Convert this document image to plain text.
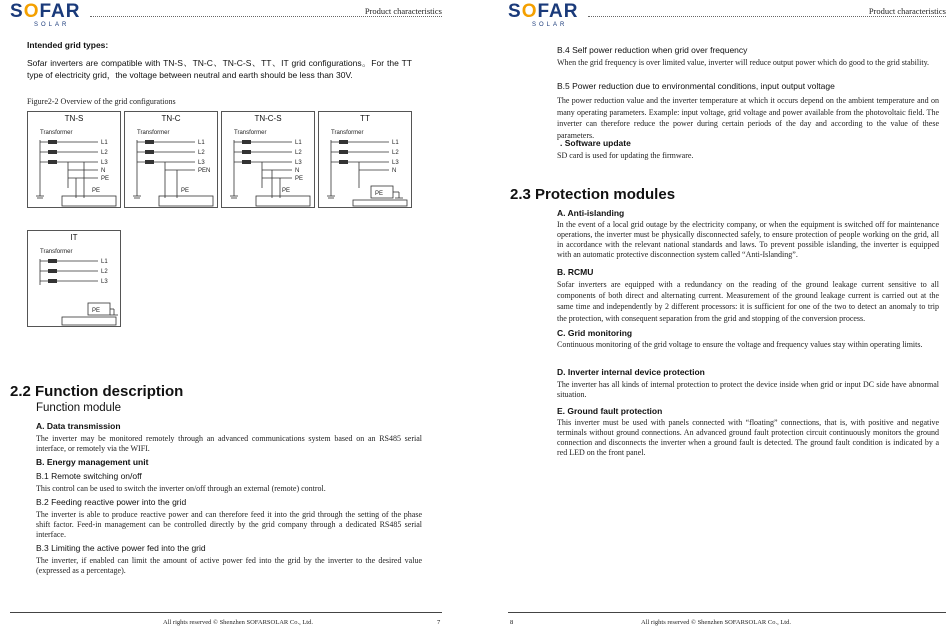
SOFAR
SOLAR
Product characteristics
Intended grid types:
Sofar inverters are compatible with TN-S、TN-C、TN-C-S、TT、IT grid configurations。For the TT type of electricity grid，the voltage between neutral and earth should be less than 30V.
Figure2-2 Overview of the grid configurations
TN-S
Transformer
L1
L2
L3
N
PE
PE
TN-C
Transformer
L1
L2
L3
PEN
PE
TN-C-S
Transformer
L1
L2
L3
N
PE
PE
TT
Transformer
L1
L2
L3
N
PE
IT
Transformer
L1
L2
L3
PE
2.2 Function description
Function module
A. Data transmission
The inverter may be monitored remotely through an advanced communications system based on an RS485 serial interface, or remotely via the WIFI.
B. Energy management unit
B.1 Remote switching on/off
This control can be used to switch the inverter on/off through an external (remote) control.
B.2 Feeding reactive power into the grid
The inverter is able to produce reactive power and can therefore feed it into the grid through the setting of the phase shift factor. Feed-in management can be controlled directly by the grid company through a dedicated RS485 serial interface.
B.3 Limiting the active power fed into the grid
The inverter, if enabled can limit the amount of active power fed into the grid by the inverter to the desired value (expressed as a percentage).
All rights reserved © Shenzhen SOFARSOLAR Co., Ltd.	7
SOFAR
SOLAR
Product characteristics
B.4 Self power reduction when grid over frequency
When the grid frequency is over limited value, inverter will reduce output power which do good to the grid stability.
B.5 Power reduction due to environmental conditions, input output voltage
The power reduction value and the inverter temperature at which it occurs depend on the ambient temperature and on many operating parameters. Example: input voltage, grid voltage and power available from the photovoltaic field. The inverter can therefore reduce the power during certain periods of the day and according to the value of these parameters.
. Software update
SD card is used for updating the firmware.
2.3 Protection modules
A. Anti-islanding
In the event of a local grid outage by the electricity company, or when the equipment is switched off for maintenance operations, the inverter must be physically disconnected safely, to ensure protection of people working on the grid, all in accordance with the relevant national standards and laws. To prevent possible islanding, the inverter is equipped with an automatic protective disconnection system called “Anti-Islanding”.
B. RCMU
Sofar inverters are equipped with a redundancy on the reading of the ground leakage current sensitive to all components of both direct and alternating current. Measurement of the ground leakage current is carried out at the same time and independently by 2 different processors: it is sufficient for one of the two to detect an anomaly to trip the protection, with consequent separation from the grid and stopping of the conversion process.
C. Grid monitoring
Continuous monitoring of the grid voltage to ensure the voltage and frequency values stay within operating limits.
D. Inverter internal device protection
The inverter has all kinds of internal protection to protect the device inside when grid or input DC side have abnormal situation.
E. Ground fault protection
This inverter must be used with panels connected with “floating” connections, that is, with positive and negative terminals without ground connections. An advanced ground fault protection circuit continuously monitors the ground connection and disconnects the inverter when a ground fault is detected. The ground fault condition is indicated by a red LED on the front panel.
8	All rights reserved © Shenzhen SOFARSOLAR Co., Ltd.
